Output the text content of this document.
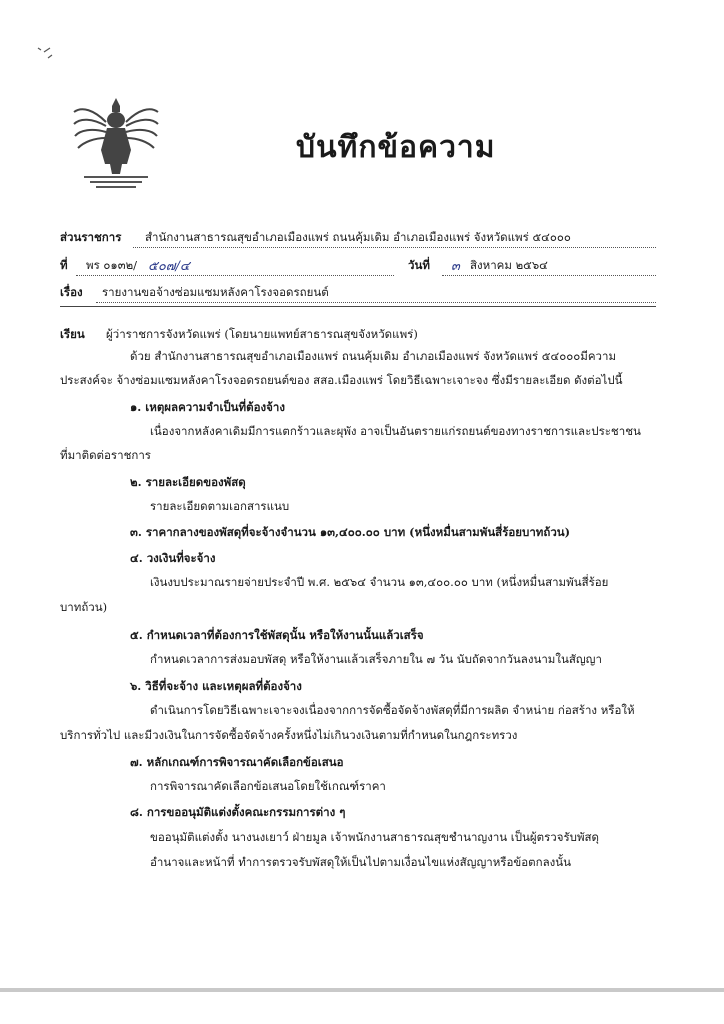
บันทึกข้อความ
ส่วนราชการ สำนักงานสาธารณสุขอำเภอเมืองแพร่ ถนนคุ้มเดิม อำเภอเมืองแพร่ จังหวัดแพร่ ๕๔๐๐๐
ที่ พร ๐๑๓๒/ ๕๐๗/๔	วันที่ ๓ สิงหาคม ๒๕๖๔
เรื่อง รายงานขอจ้างซ่อมแซมหลังคาโรงจอดรถยนต์
เรียน ผู้ว่าราชการจังหวัดแพร่ (โดยนายแพทย์สาธารณสุขจังหวัดแพร่)
ด้วย สำนักงานสาธารณสุขอำเภอเมืองแพร่ ถนนคุ้มเดิม อำเภอเมืองแพร่ จังหวัดแพร่ ๕๔๐๐๐มีความ
ประสงค์จะ จ้างซ่อมแซมหลังคาโรงจอดรถยนต์ของ สสอ.เมืองแพร่ โดยวิธีเฉพาะเจาะจง ซึ่งมีรายละเอียด ดังต่อไปนี้
๑. เหตุผลความจำเป็นที่ต้องจ้าง
เนื่องจากหลังคาเดิมมีการแตกร้าวและผุพัง อาจเป็นอันตรายแก่รถยนต์ของทางราชการและประชาชน
ที่มาติดต่อราชการ
๒. รายละเอียดของพัสดุ
รายละเอียดตามเอกสารแนบ
๓. ราคากลางของพัสดุที่จะจ้างจำนวน ๑๓,๔๐๐.๐๐ บาท (หนึ่งหมื่นสามพันสี่ร้อยบาทถ้วน)
๔. วงเงินที่จะจ้าง
เงินงบประมาณรายจ่ายประจำปี พ.ศ. ๒๕๖๔ จำนวน ๑๓,๔๐๐.๐๐ บาท (หนึ่งหมื่นสามพันสี่ร้อย
บาทถ้วน)
๕. กำหนดเวลาที่ต้องการใช้พัสดุนั้น หรือให้งานนั้นแล้วเสร็จ
กำหนดเวลาการส่งมอบพัสดุ หรือให้งานแล้วเสร็จภายใน ๗ วัน นับถัดจากวันลงนามในสัญญา
๖. วิธีที่จะจ้าง และเหตุผลที่ต้องจ้าง
ดำเนินการโดยวิธีเฉพาะเจาะจงเนื่องจากการจัดซื้อจัดจ้างพัสดุที่มีการผลิต จำหน่าย ก่อสร้าง หรือให้
บริการทั่วไป และมีวงเงินในการจัดซื้อจัดจ้างครั้งหนึ่งไม่เกินวงเงินตามที่กำหนดในกฎกระทรวง
๗. หลักเกณฑ์การพิจารณาคัดเลือกข้อเสนอ
การพิจารณาคัดเลือกข้อเสนอโดยใช้เกณฑ์ราคา
๘. การขออนุมัติแต่งตั้งคณะกรรมการต่าง ๆ
ขออนุมัติแต่งตั้ง นางนงเยาว์ ฝ่ายมูล เจ้าพนักงานสาธารณสุขชำนาญงาน เป็นผู้ตรวจรับพัสดุ
อำนาจและหน้าที่ ทำการตรวจรับพัสดุให้เป็นไปตามเงื่อนไขแห่งสัญญาหรือข้อตกลงนั้น
